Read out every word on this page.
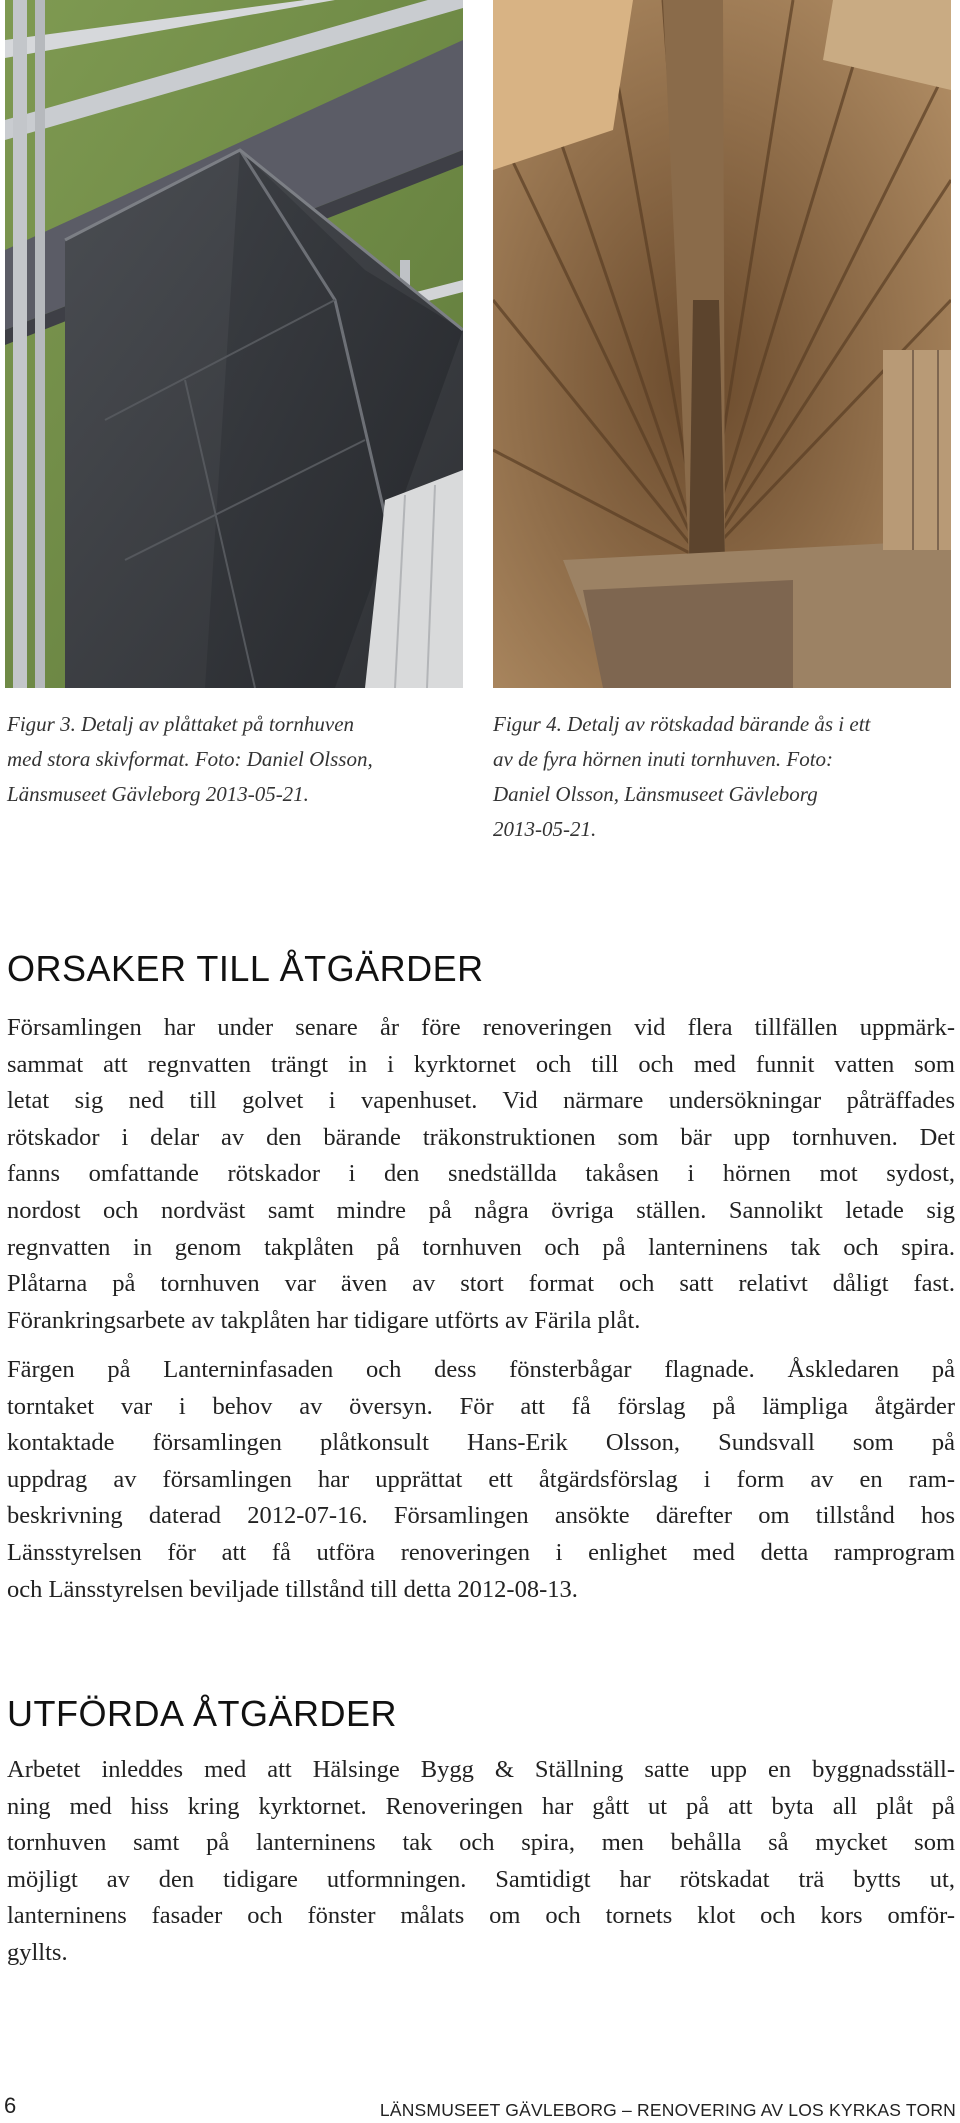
Figur 3. Detalj av plåttaket på tornhuven
med stora skivformat. Foto: Daniel Olsson,
Länsmuseet Gävleborg 2013-05-21.

Figur 4. Detalj av rötskadad bärande ås i ett
av de fyra hörnen inuti tornhuven. Foto:
Daniel Olsson, Länsmuseet Gävleborg
2013-05-21.

ORSAKER TILL ÅTGÄRDER

Församlingen har under senare år före renoveringen vid flera tillfällen uppmärk-
sammat att regnvatten trängt in i kyrktornet och till och med funnit vatten som
letat sig ned till golvet i vapenhuset. Vid närmare undersökningar påträffades
rötskador i delar av den bärande träkonstruktionen som bär upp tornhuven. Det
fanns omfattande rötskador i den snedställda takåsen i hörnen mot sydost,
nordost och nordväst samt mindre på några övriga ställen. Sannolikt letade sig
regnvatten in genom takplåten på tornhuven och på lanterninens tak och spira.
Plåtarna på tornhuven var även av stort format och satt relativt dåligt fast.
Förankringsarbete av takplåten har tidigare utförts av Färila plåt.

Färgen på Lanterninfasaden och dess fönsterbågar flagnade. Åskledaren på
torntaket var i behov av översyn. För att få förslag på lämpliga åtgärder
kontaktade församlingen plåtkonsult Hans-Erik Olsson, Sundsvall som på
uppdrag av församlingen har upprättat ett åtgärdsförslag i form av en ram-
beskrivning daterad 2012-07-16. Församlingen ansökte därefter om tillstånd hos
Länsstyrelsen för att få utföra renoveringen i enlighet med detta ramprogram
och Länsstyrelsen beviljade tillstånd till detta 2012-08-13.

UTFÖRDA ÅTGÄRDER

Arbetet inleddes med att Hälsinge Bygg & Ställning satte upp en byggnadsställ-
ning med hiss kring kyrktornet. Renoveringen har gått ut på att byta all plåt på
tornhuven samt på lanterninens tak och spira, men behålla så mycket som
möjligt av den tidigare utformningen. Samtidigt har rötskadat trä bytts ut,
lanterninens fasader och fönster målats om och tornets klot och kors omför-
gyllts.

6	LÄNSMUSEET GÄVLEBORG – RENOVERING AV LOS KYRKAS TORN
